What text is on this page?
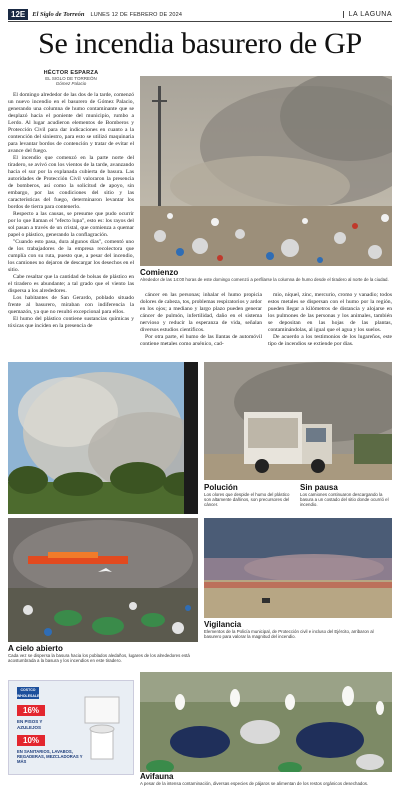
12E	El Siglo de Torreón LUNES 12 DE FEBRERO DE 2024	LA LAGUNA
Se incendia basurero de GP
HÉCTOR ESPARZA
EL SIGLO DE TORREÓN
Gómez Palacio

El domingo alrededor de las dos de la tarde, comenzó un nuevo incendio en el basurero de Gómez Palacio, generando una columna de humo contaminante que se desplazó hacia el poniente del municipio, rumbo a Lerdo. Al lugar acudieron elementos de Bomberos y Protección Civil para dar indicaciones en cuanto a la contención del siniestro, para esto se utilizó maquinaria para levantar bordos de contención y tratar de evitar el avance del fuego.

El incendio que comenzó en la parte norte del tiradero, se avivó con los vientos de la tarde, avanzando hacia el sur por la explanada cubierta de basura. Las autoridades de Protección Civil valoraron la presencia de bomberos, así como la solicitud de apoyo, sin embargo, por las condiciones del sitio y las características del fuego, determinaron levantar los bordos de tierra para contenerlo.

Respecto a las causas, se presume que pudo ocurrir por lo que llaman el "efecto lupa", esto es: los rayos del sol pasan a través de un cristal, que comienza a quemar papel o plástico, generando la conflagración.

"Cuando esto pasa, dura algunos días", comentó uno de los trabajadores de la empresa recolectora que cumplía con su ruta, puesto que, a pesar del incendio, los camiones no dejaron de descargar los desechos en el sitio.

Cabe resaltar que la cantidad de bolsas de plástico en el tiradero es abundante; a tal grado que el viento las dispersa a los alrededores.

Los habitantes de San Gerardo, poblado situado frente al basurero, miraban con indiferencia la quemazón, ya que no resultó excepcional para ellos.

El humo del plástico contiene sustancias químicas y tóxicas que inciden en la presencia de

Comienzo
Alrededor de las 14:00 horas de este domingo comenzó a perfilarse la columna de humo desde el tiradero al norte de la ciudad.

cáncer en las personas; inhalar el humo propicia dolores de cabeza, tos, problemas respiratorios y ardor en los ojos; a mediano y largo plazo pueden generar cáncer de pulmón, infertilidad, daño en el sistema nervioso y reducir la esperanza de vida, señalan diversos estudios científicos.

Por otra parte, el humo de las llantas de automóvil contiene metales como arsénico, cad-

mio, níquel, zinc, mercurio, cromo y vanadio; todos estos metales se dispersan con el humo por la región, pueden llegar a kilómetros de distancia y alojarse en los pulmones de las personas y los animales, también se depositan en las hojas de las plantas, contaminándolas, al igual que el agua y los suelos.

De acuerdo a los testimonios de los lugareños, este tipo de incendios se extiende por días.

Polución
Los olores que despide el humo del plástico son altamente dañinos, son precursores del cáncer.
Sin pausa
Los camiones continuaron descargando la basura a un costado del sitio donde ocurrió el incendio.
A cielo abierto
Cada vez se dispersa la basura hacia los poblados aledaños, lugares de los alrededores está acostumbrada a la basura y los incendios en este tiradero.
Vigilancia
Elementos de la Policía municipal, de Protección civil e incluso del Ejército, arribaron al basurero para valorar la magnitud del incendio.
COSTCO WHOLESALE
16%
EN PISOS Y AZULEJOS
10%
EN SANITARIOS, LAVABOS, REGADERAS, MEZCLADORAS Y MÁS
Avifauna
A pesar de la intensa contaminación, diversas especies de pájaros se alimentan de los restos orgánicos desechados.
